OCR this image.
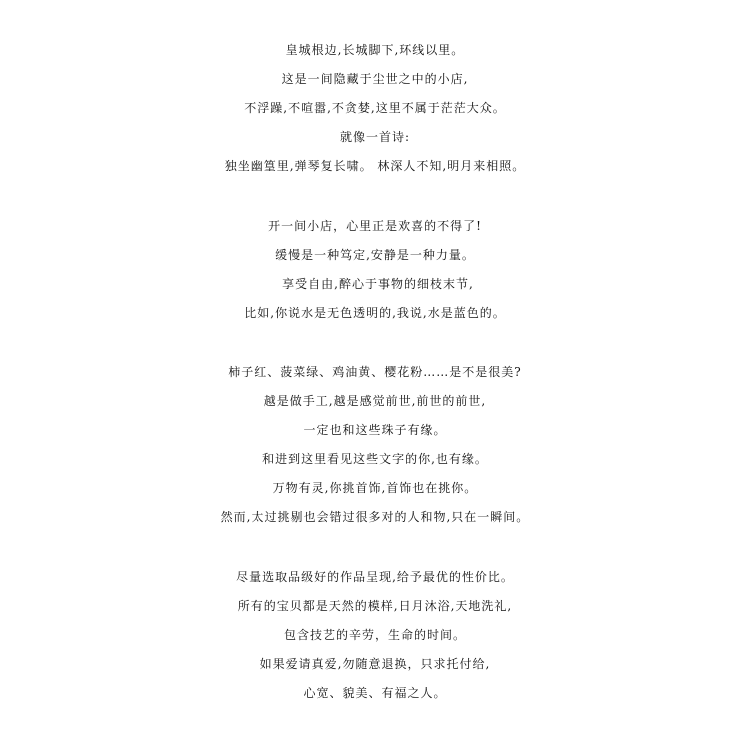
皇城根边,长城脚下,环线以里。
这是一间隐藏于尘世之中的小店,
不浮躁,不喧嚣,不贪婪,这里不属于茫茫大众。
就像一首诗:
独坐幽篁里,弹琴复长啸。 林深人不知,明月来相照。
开一间小店，心里正是欢喜的不得了!
缓慢是一种笃定,安静是一种力量。
享受自由,醉心于事物的细枝末节,
比如,你说水是无色透明的,我说,水是蓝色的。
柿子红、菠菜绿、鸡油黄、樱花粉……是不是很美?
越是做手工,越是感觉前世,前世的前世,
一定也和这些珠子有缘。
和进到这里看见这些文字的你,也有缘。
万物有灵,你挑首饰,首饰也在挑你。
然而,太过挑剔也会错过很多对的人和物,只在一瞬间。
尽量选取品级好的作品呈现,给予最优的性价比。
所有的宝贝都是天然的模样,日月沐浴,天地洗礼,
包含技艺的辛劳，生命的时间。
如果爱请真爱,勿随意退换，只求托付给,
心宽、貌美、有福之人。
